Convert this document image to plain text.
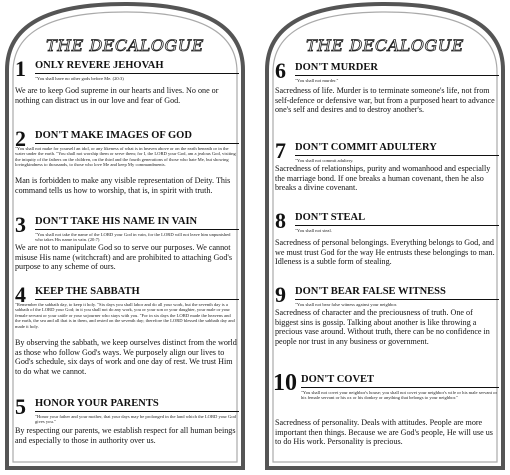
THE DECALOGUE
1 ONLY REVERE JEHOVAH
"You shall have no other gods before Me. (20:3)
We are to keep God supreme in our hearts and lives. No one or nothing can distract us in our love and fear of God.
2 DON'T MAKE IMAGES OF GOD
"You shall not make for yourself an idol, or any likeness of what is in heaven above or on the earth beneath or in the water under the earth. "You shall not worship them or serve them; for I, the LORD your God, am a jealous God, visiting the iniquity of the fathers on the children, on the third and the fourth generations of those who hate Me, but showing lovingkindness to thousands, to those who love Me and keep My commandments.
Man is forbidden to make any visible representation of Deity. This command tells us how to worship, that is, in spirit with truth.
3 DON'T TAKE HIS NAME IN VAIN
"You shall not take the name of the LORD your God in vain, for the LORD will not leave him unpunished who takes His name in vain. (20:7)
We are not to manipulate God so to serve our purposes. We cannot misuse His name (witchcraft) and are prohibited to attaching God's purpose to any scheme of ours.
4 KEEP THE SABBATH
"Remember the sabbath day, to keep it holy. "Six days you shall labor and do all your work, but the seventh day is a sabbath of the LORD your God; in it you shall not do any work, you or your son or your daughter, your male or your female servant or your cattle or your sojourner who stays with you. "For in six days the LORD made the heavens and the earth, the sea and all that is in them, and rested on the seventh day; therefore the LORD blessed the sabbath day and made it holy.
By observing the sabbath, we keep ourselves distinct from the world as those who follow God's ways. We purposely align our lives to God's schedule, six days of work and one day of rest. We trust Him to do what we cannot.
5 HONOR YOUR PARENTS
"Honor your father and your mother, that your days may be prolonged in the land which the LORD your God gives you."
By respecting our parents, we establish respect for all human beings and especially to those in authority over us.
THE DECALOGUE
6 DON'T MURDER
"You shall not murder."
Sacredness of life. Murder is to terminate someone's life, not from self-defence or defensive war, but from a purposed heart to advance one's self and desires and to destroy another's.
7 DON'T COMMIT ADULTERY
"You shall not commit adultery.
Sacredness of relationships, purity and womanhood and especially the marriage bond. If one breaks a human covenant, then he also breaks a divine covenant.
8 DON'T STEAL
"You shall not steal.
Sacredness of personal belongings. Everything belongs to God, and we must trust God for the way He entrusts these belongings to man. Idleness is a subtle form of stealing.
9 DON'T BEAR FALSE WITNESS
"You shall not bear false witness against your neighbor.
Sacredness of character and the preciousness of truth. One of biggest sins is gossip. Talking about another is like throwing a precious vase around. Without truth, there can be no confidence in people nor trust in any business or government.
10 DON'T COVET
"You shall not covet your neighbor's house; you shall not covet your neighbor's wife or his male servant or his female servant or his ox or his donkey or anything that belongs to your neighbor."
Sacredness of personality. Deals with attitudes. People are more important then things. Because we are God's people, He will use us to do His work. Personality is precious.
